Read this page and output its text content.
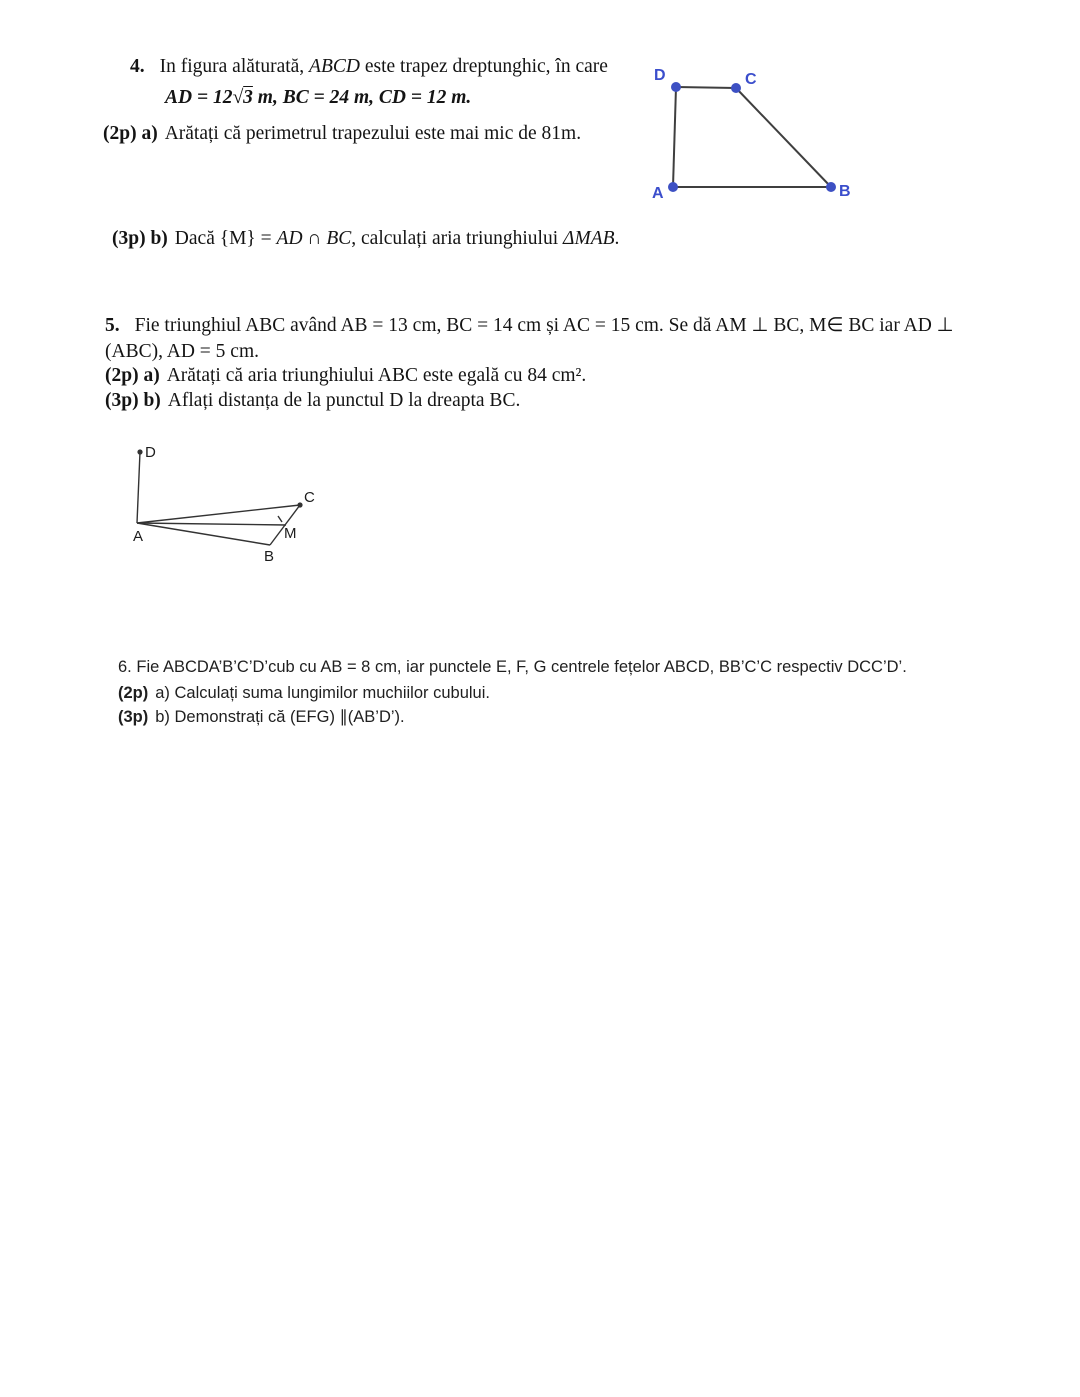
4. In figura alăturată, ABCD este trapez dreptunghic, în care
AD = 12√3 m, BC = 24 m, CD = 12 m.
(2p) a) Arătați că perimetrul trapezului este mai mic de 81m.
(3p) b) Dacă {M} = AD ∩ BC, calculați aria triunghiului ΔMAB.
D	C
A	B
5. Fie triunghiul ABC având AB = 13 cm, BC = 14 cm și AC = 15 cm. Se dă AM ⊥ BC, M∈ BC iar AD ⊥
(ABC), AD = 5 cm.
(2p) a) Arătați că aria triunghiului ABC este egală cu 84 cm².
(3p) b) Aflați distanța de la punctul D la dreapta BC.
D
A
B
C
M
6. Fie ABCDA’B’C’D’cub cu AB = 8 cm, iar punctele E, F, G centrele fețelor ABCD, BB’C’C respectiv DCC’D’.
(2p) a) Calculați suma lungimilor muchiilor cubului.
(3p) b) Demonstrați că (EFG) ∥(AB’D’).
